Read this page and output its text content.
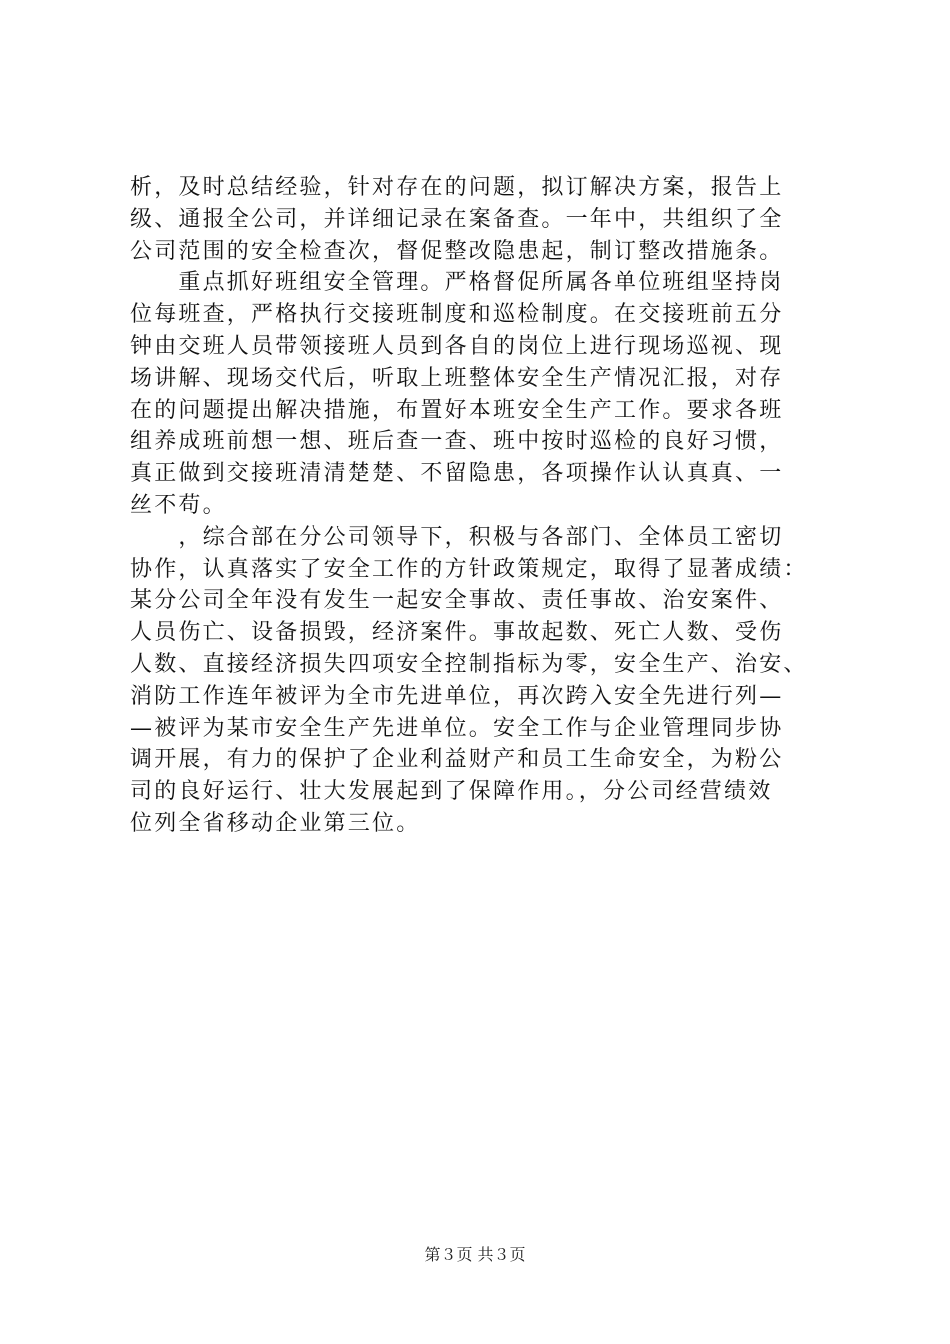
析，及时总结经验，针对存在的问题，拟订解决方案，报告上
级、通报全公司，并详细记录在案备查。一年中，共组织了全
公司范围的安全检查次，督促整改隐患起，制订整改措施条。
　　重点抓好班组安全管理。严格督促所属各单位班组坚持岗
位每班查，严格执行交接班制度和巡检制度。在交接班前五分
钟由交班人员带领接班人员到各自的岗位上进行现场巡视、现
场讲解、现场交代后，听取上班整体安全生产情况汇报，对存
在的问题提出解决措施，布置好本班安全生产工作。要求各班
组养成班前想一想、班后查一查、班中按时巡检的良好习惯，
真正做到交接班清清楚楚、不留隐患，各项操作认认真真、一
丝不苟。
　　，综合部在分公司领导下，积极与各部门、全体员工密切
协作，认真落实了安全工作的方针政策规定，取得了显著成绩：
某分公司全年没有发生一起安全事故、责任事故、治安案件、
人员伤亡、设备损毁，经济案件。事故起数、死亡人数、受伤
人数、直接经济损失四项安全控制指标为零，安全生产、治安、
消防工作连年被评为全市先进单位，再次跨入安全先进行列—
—被评为某市安全生产先进单位。安全工作与企业管理同步协
调开展，有力的保护了企业利益财产和员工生命安全，为粉公
司的良好运行、壮大发展起到了保障作用。，分公司经营绩效
位列全省移动企业第三位。
第３页 共３页
